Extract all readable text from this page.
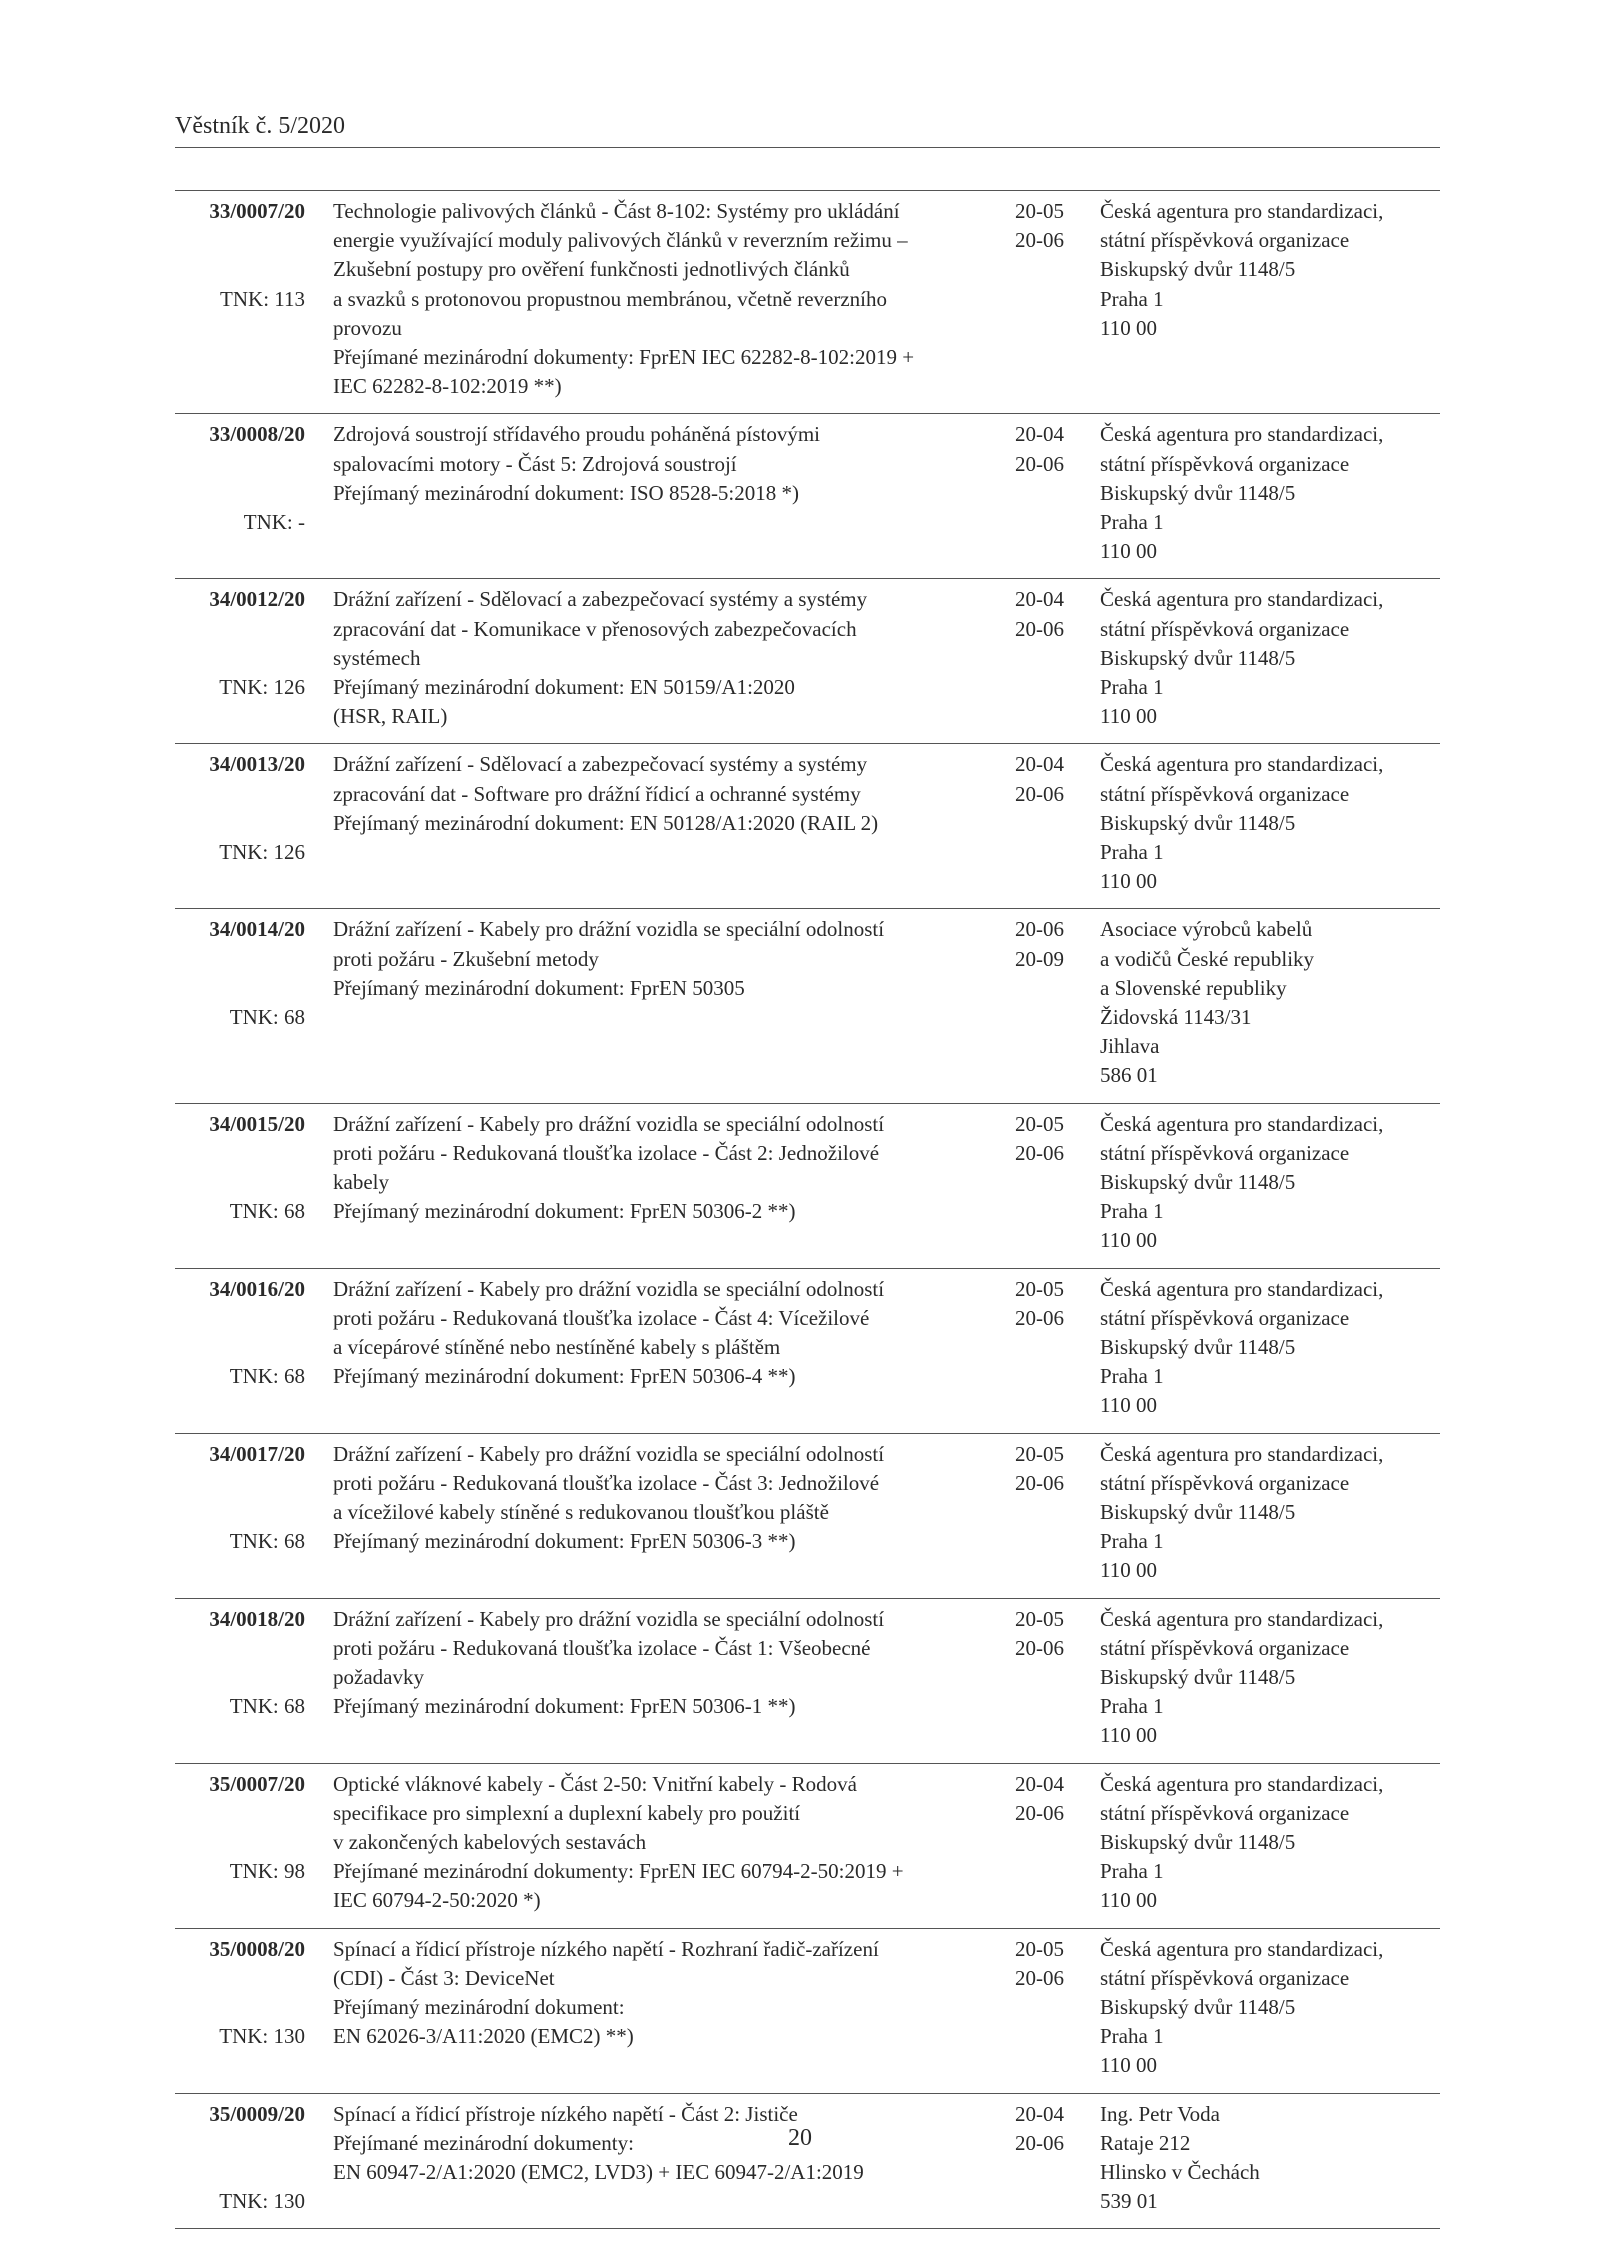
Věstník č. 5/2020
33/0007/20
TNK: 113
Technologie palivových článků - Část 8-102: Systémy pro ukládání
energie využívající moduly palivových článků v reverzním režimu –
Zkušební postupy pro ověření funkčnosti jednotlivých článků
a svazků s protonovou propustnou membránou, včetně reverzního
provozu
Přejímané mezinárodní dokumenty: FprEN IEC 62282-8-102:2019 +
IEC 62282-8-102:2019 **)
20-05
20-06
Česká agentura pro standardizaci,
státní příspěvková organizace
Biskupský dvůr 1148/5
Praha 1
110 00
33/0008/20
TNK: -
Zdrojová soustrojí střídavého proudu poháněná pístovými
spalovacími motory - Část 5: Zdrojová soustrojí
Přejímaný mezinárodní dokument: ISO 8528-5:2018 *)
20-04
20-06
Česká agentura pro standardizaci,
státní příspěvková organizace
Biskupský dvůr 1148/5
Praha 1
110 00
34/0012/20
TNK: 126
Drážní zařízení - Sdělovací a zabezpečovací systémy a systémy
zpracování dat - Komunikace v přenosových zabezpečovacích
systémech
Přejímaný mezinárodní dokument: EN 50159/A1:2020
(HSR, RAIL)
20-04
20-06
Česká agentura pro standardizaci,
státní příspěvková organizace
Biskupský dvůr 1148/5
Praha 1
110 00
34/0013/20
TNK: 126
Drážní zařízení - Sdělovací a zabezpečovací systémy a systémy
zpracování dat - Software pro drážní řídicí a ochranné systémy
Přejímaný mezinárodní dokument: EN 50128/A1:2020 (RAIL 2)
20-04
20-06
Česká agentura pro standardizaci,
státní příspěvková organizace
Biskupský dvůr 1148/5
Praha 1
110 00
34/0014/20
TNK: 68
Drážní zařízení - Kabely pro drážní vozidla se speciální odolností
proti požáru - Zkušební metody
Přejímaný mezinárodní dokument: FprEN 50305
20-06
20-09
Asociace výrobců kabelů
a vodičů České republiky
a Slovenské republiky
Židovská 1143/31
Jihlava
586 01
34/0015/20
TNK: 68
Drážní zařízení - Kabely pro drážní vozidla se speciální odolností
proti požáru - Redukovaná tloušťka izolace - Část 2: Jednožilové
kabely
Přejímaný mezinárodní dokument: FprEN 50306-2 **)
20-05
20-06
Česká agentura pro standardizaci,
státní příspěvková organizace
Biskupský dvůr 1148/5
Praha 1
110 00
34/0016/20
TNK: 68
Drážní zařízení - Kabely pro drážní vozidla se speciální odolností
proti požáru - Redukovaná tloušťka izolace - Část 4: Vícežilové
a vícepárové stíněné nebo nestíněné kabely s pláštěm
Přejímaný mezinárodní dokument: FprEN 50306-4 **)
20-05
20-06
Česká agentura pro standardizaci,
státní příspěvková organizace
Biskupský dvůr 1148/5
Praha 1
110 00
34/0017/20
TNK: 68
Drážní zařízení - Kabely pro drážní vozidla se speciální odolností
proti požáru - Redukovaná tloušťka izolace - Část 3: Jednožilové
a vícežilové kabely stíněné s redukovanou tloušťkou pláště
Přejímaný mezinárodní dokument: FprEN 50306-3 **)
20-05
20-06
Česká agentura pro standardizaci,
státní příspěvková organizace
Biskupský dvůr 1148/5
Praha 1
110 00
34/0018/20
TNK: 68
Drážní zařízení - Kabely pro drážní vozidla se speciální odolností
proti požáru - Redukovaná tloušťka izolace - Část 1: Všeobecné
požadavky
Přejímaný mezinárodní dokument: FprEN 50306-1 **)
20-05
20-06
Česká agentura pro standardizaci,
státní příspěvková organizace
Biskupský dvůr 1148/5
Praha 1
110 00
35/0007/20
TNK: 98
Optické vláknové kabely - Část 2-50: Vnitřní kabely - Rodová
specifikace pro simplexní a duplexní kabely pro použití
v zakončených kabelových sestavách
Přejímané mezinárodní dokumenty: FprEN IEC 60794-2-50:2019 +
IEC 60794-2-50:2020 *)
20-04
20-06
Česká agentura pro standardizaci,
státní příspěvková organizace
Biskupský dvůr 1148/5
Praha 1
110 00
35/0008/20
TNK: 130
Spínací a řídicí přístroje nízkého napětí - Rozhraní řadič-zařízení
(CDI) - Část 3: DeviceNet
Přejímaný mezinárodní dokument:
EN 62026-3/A11:2020 (EMC2) **)
20-05
20-06
Česká agentura pro standardizaci,
státní příspěvková organizace
Biskupský dvůr 1148/5
Praha 1
110 00
35/0009/20
TNK: 130
Spínací a řídicí přístroje nízkého napětí - Část 2: Jističe
Přejímané mezinárodní dokumenty:
EN 60947-2/A1:2020 (EMC2, LVD3) + IEC 60947-2/A1:2019
20-04
20-06
Ing. Petr Voda
Rataje 212
Hlinsko v Čechách
539 01
20
